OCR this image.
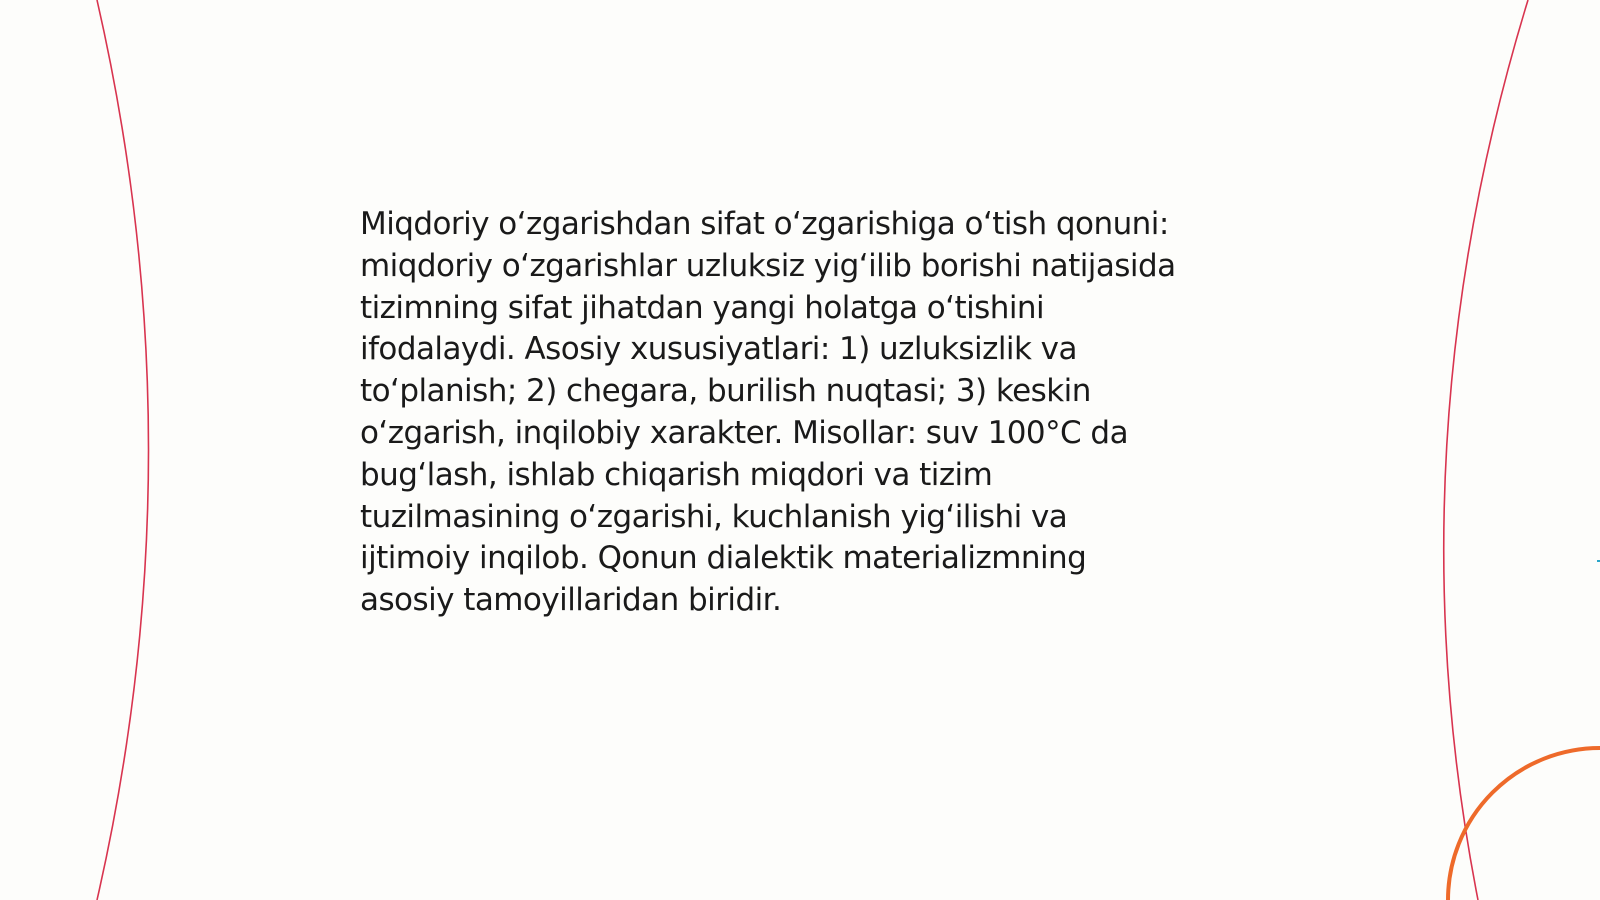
Miqdoriy o‘zgarishdan sifat o‘zgarishiga o‘tish qonuni:
miqdoriy o‘zgarishlar uzluksiz yig‘ilib borishi natijasida
tizimning sifat jihatdan yangi holatga o‘tishini
ifodalaydi. Asosiy xususiyatlari: 1) uzluksizlik va
to‘planish; 2) chegara, burilish nuqtasi; 3) keskin
o‘zgarish, inqilobiy xarakter. Misollar: suv 100°C da
bug‘lash, ishlab chiqarish miqdori va tizim
tuzilmasining o‘zgarishi, kuchlanish yig‘ilishi va
ijtimoiy inqilob. Qonun dialektik materializmning
asosiy tamoyillaridan biridir.
